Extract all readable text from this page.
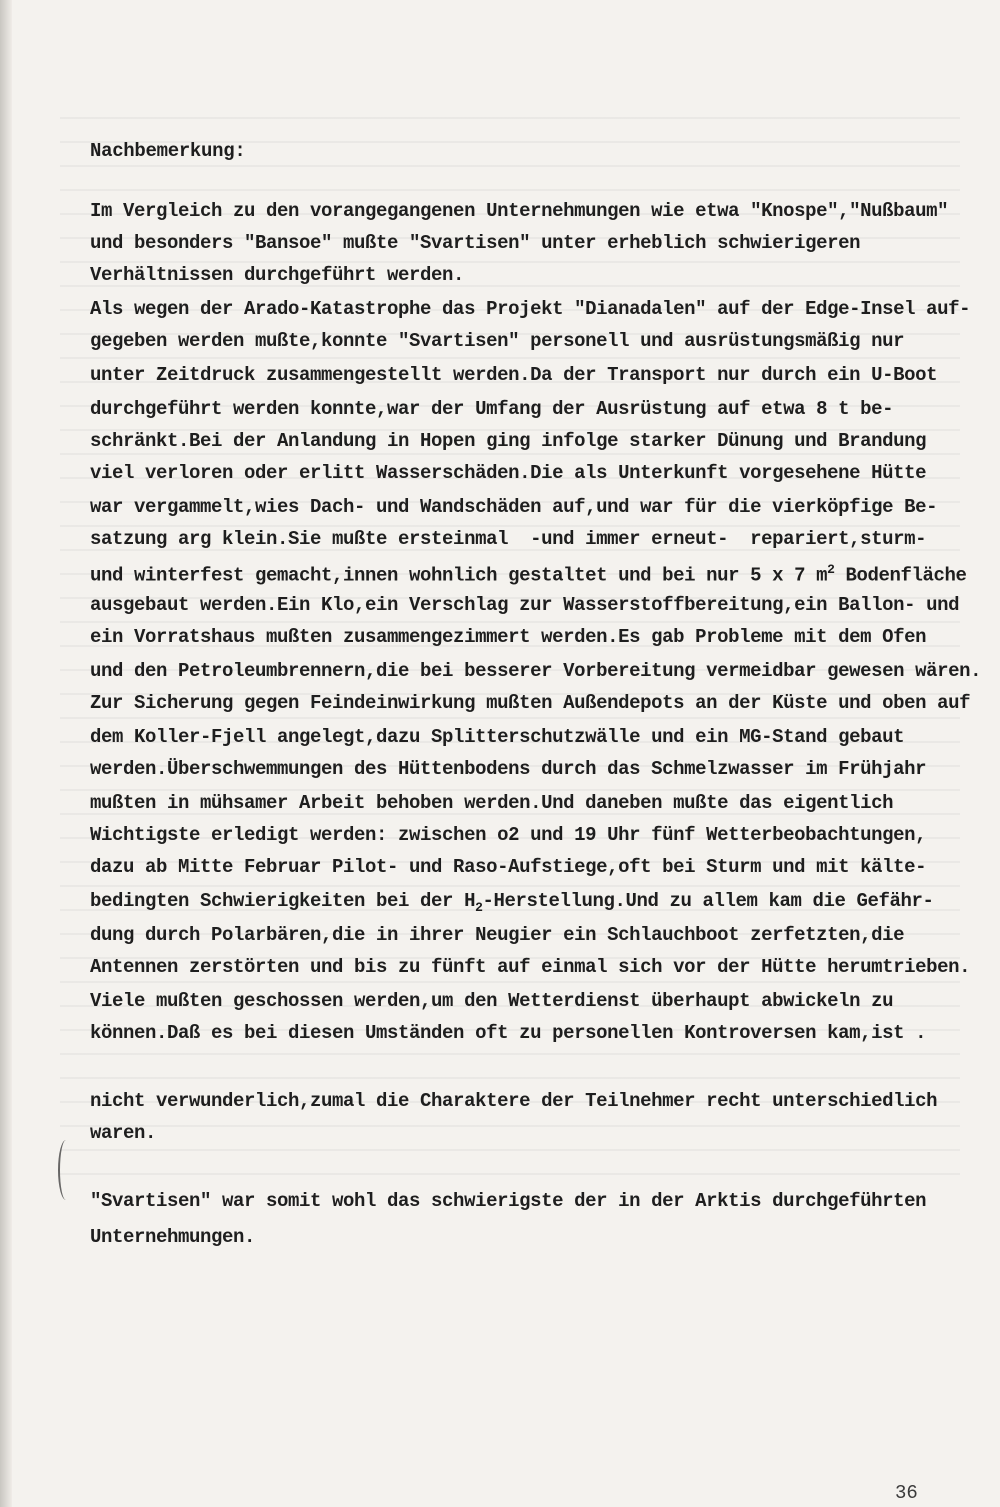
Nachbemerkung:
Im Vergleich zu den vorangegangenen Unternehmungen wie etwa "Knospe","Nußbaum"
und besonders "Bansoe" mußte "Svartisen" unter erheblich schwierigeren
Verhältnissen durchgeführt werden.
Als wegen der Arado-Katastrophe das Projekt "Dianadalen" auf der Edge-Insel auf-
gegeben werden mußte,konnte "Svartisen" personell und ausrüstungsmäßig nur
unter Zeitdruck zusammengestellt werden.Da der Transport nur durch ein U-Boot
durchgeführt werden konnte,war der Umfang der Ausrüstung auf etwa 8 t be-
schränkt.Bei der Anlandung in Hopen ging infolge starker Dünung und Brandung
viel verloren oder erlitt Wasserschäden.Die als Unterkunft vorgesehene Hütte
war vergammelt,wies Dach- und Wandschäden auf,und war für die vierköpfige Be-
satzung arg klein.Sie mußte ersteinmal  -und immer erneut-  repariert,sturm-
und winterfest gemacht,innen wohnlich gestaltet und bei nur 5 x 7 $m^2$ Bodenfläche
ausgebaut werden.Ein Klo,ein Verschlag zur Wasserstoffbereitung,ein Ballon- und
ein Vorratshaus mußten zusammengezimmert werden.Es gab Probleme mit dem Ofen
und den Petroleumbrennern,die bei besserer Vorbereitung vermeidbar gewesen wären.
Zur Sicherung gegen Feindeinwirkung mußten Außendepots an der Küste und oben auf
dem Koller-Fjell angelegt,dazu Splitterschutzwälle und ein MG-Stand gebaut
werden.Überschwemmungen des Hüttenbodens durch das Schmelzwasser im Frühjahr
mußten in mühsamer Arbeit behoben werden.Und daneben mußte das eigentlich
Wichtigste erledigt werden: zwischen o2 und 19 Uhr fünf Wetterbeobachtungen,
dazu ab Mitte Februar Pilot- und Raso-Aufstiege,oft bei Sturm und mit kälte-
bedingten Schwierigkeiten bei der $H_2-Herstellung.Und$ zu allem kam die Gefähr-
dung durch Polarbären,die in ihrer Neugier ein Schlauchboot zerfetzten,die
Antennen zerstörten und bis zu fünft auf einmal sich vor der Hütte herumtrieben.
Viele mußten geschossen werden,um den Wetterdienst überhaupt abwickeln zu
können.Daß es bei diesen Umständen oft zu personellen Kontroversen kam,ist .
nicht verwunderlich,zumal die Charaktere der Teilnehmer recht unterschiedlich
waren.
"Svartisen" war somit wohl das schwierigste der in der Arktis durchgeführten
Unternehmungen.
36
